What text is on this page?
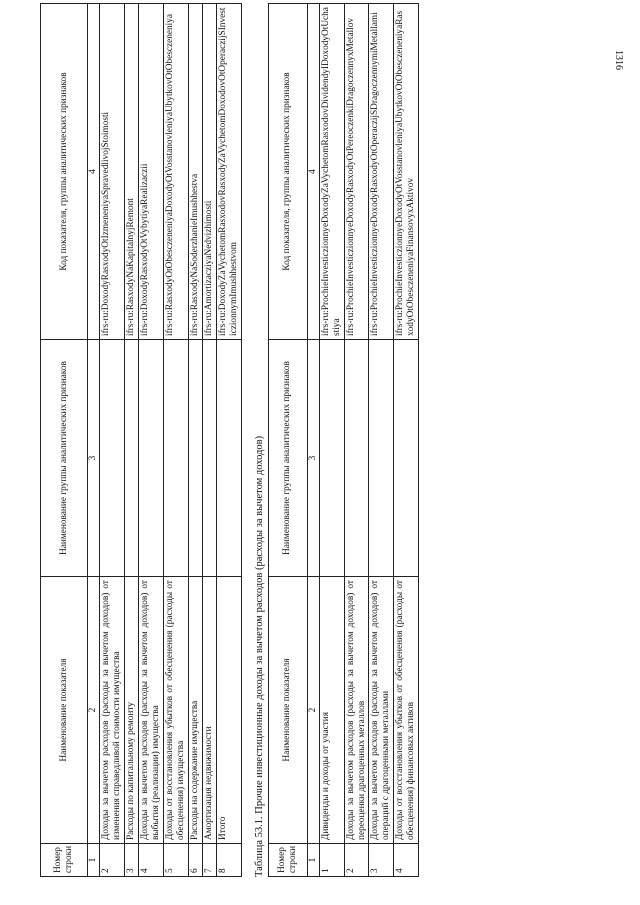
1316
Номер строки	Наименование показателя	Наименование группы аналитических признаков	Код показателя, группы аналитических признаков
1	2	3	4
2	Доходы за вычетом расходов (расходы за вычетом доходов) от изменения справедливой стоимости имущества		ifrs-ru:DoxodyRasxodyOtIzmeneniyaSpravedlivojStoimosti
3	Расходы по капитальному ремонту		ifrs-ru:RasxodyNaKapitalnyjRemont
4	Доходы за вычетом расходов (расходы за вычетом доходов) от выбытия (реализации) имущества		ifrs-ru:DoxodyRasxodyOtVybytiyaRealizaczii
5	Доходы от восстановления убытков от обесценения (расходы от обесценения) имущества		ifrs-ru:RasxodyOtObesczeneniyaDoxodyOtVosstanovleniyaUbytkovOtObesczeneniya
6	Расходы на содержание имущества		ifrs-ru:RasxodyNaSoderzhanieImushhestva
7	Амортизация недвижимости		ifrs-ru:AmortizacziyaNedvizhimosti
8	Итого		ifrs-ru:DoxodyZaVychetomRasxodovRasxodyZaVychetomDoxodovOtOperaczijSInvesticzionnymImushhestvom
Таблица 53.1. Прочие инвестиционные доходы за вычетом расходов (расходы за вычетом доходов) Номер строки	Наименование показателя	Наименование группы аналитических признаков	Код показателя, группы аналитических признаков
1	2	3	4
1	Дивиденды и доходы от участия		ifrs-ru:ProchieInvesticzionnyeDoxodyZaVychetomRasxodovDividendyIDoxodyOtUchastiya
2	Доходы за вычетом расходов (расходы за вычетом доходов) от переоценки драгоценных металлов		ifrs-ru:ProchieInvesticzionnyeDoxodyRasxodyOtPereoczenkiDragoczennyxMetallov
3	Доходы за вычетом расходов (расходы за вычетом доходов) от операций с драгоценными металлами		ifrs-ru:ProchieInvesticzionnyeDoxodyRasxodyOtOperaczijSDragoczennymiMetallami
4	Доходы от восстановления убытков от обесценения (расходы от обесценения) финансовых активов		ifrs-ru:ProchieInvesticzionnyeDoxodyOtVosstanovleniyaUbytkovOtObesczeneniyaRasxodyOtObesczeneniyaFinansovyxAktivov
